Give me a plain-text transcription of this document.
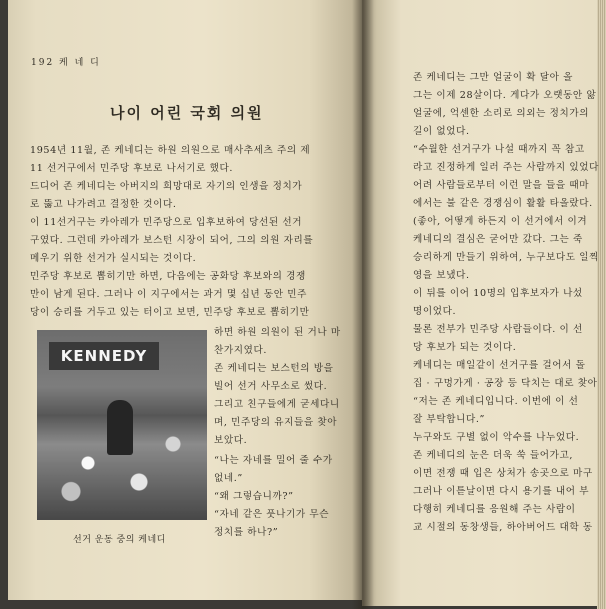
192 케 네 디
나이 어린 국회 의원
1954년 11월, 존 케네디는 하원 의원으로 매사추세츠 주의 제
11 선거구에서 민주당 후보로 나서기로 했다.
드디어 존 케네디는 아버지의 희망대로 자기의 인생을 정치가
로 뚫고 나가려고 결정한 것이다.
이 11선거구는 카아레가 민주당으로 입후보하여 당선된 선거
구였다. 그런데 카아레가 보스턴 시장이 되어, 그의 의원 자리를
메우기 위한 선거가 실시되는 것이다.
민주당 후보로 뽑히기만 하면, 다음에는 공화당 후보와의 경쟁
만이 남게 된다. 그러나 이 지구에서는 과거 몇 십년 동안 민주
당이 승리를 거두고 있는 터이고 보면, 민주당 후보로 뽑히기만
KENNEDY
하면 하원 의원이 된 거나 마
찬가지였다.
존 케네디는 보스턴의 방을
빌어 선거 사무소로 썼다.
그리고 친구들에게 굳세다니
며, 민주당의 유지들을 찾아
보았다.
“나는 자네를 밀어 줄 수가
없네.”
“왜 그렇습니까?”
“자네 같은 풋나기가 무슨
정치를 하나?”
선거 운동 중의 케네디
존 케네디는 그만 얼굴이 확 달아 올
그는 이제 28살이다. 게다가 오랫동안 앓
얼굴에, 억센한 소리로 의외는 정치가의
길이 없었다.
“수월한 선거구가 나설 때까지 꼭 참고
라고 진정하게 일러 주는 사람까지 있었다
어려 사람들로부터 이런 말을 들을 때마
에서는 불 같은 경쟁심이 활활 타올랐다.
(좋아, 어떻게 하든지 이 선거에서 이겨
케네디의 결심은 굳어만 갔다. 그는 죽
승리하게 만들기 위하여, 누구보다도 일찍
영을 보냈다.
이 뒤를 이어 10명의 입후보자가 나섰
명이었다.
물론 전부가 민주당 사람들이다. 이 선
당 후보가 되는 것이다.
케네디는 매일같이 선거구를 걸어서 돌
집 · 구멍가게 · 공장 등 닥치는 대로 찾아
“저는 존 케네디입니다. 이번에 이 선
잘 부탁합니다.”
누구와도 구별 없이 악수를 나누었다.
존 케네디의 눈은 더욱 쑥 들어가고,
이면 전쟁 때 입은 상처가 송곳으로 마구
그러나 이튿날이면 다시 용기를 내어 부
다행히 케네디를 응원해 주는 사람이
교 시절의 동창생들, 하아버어드 대학 동
